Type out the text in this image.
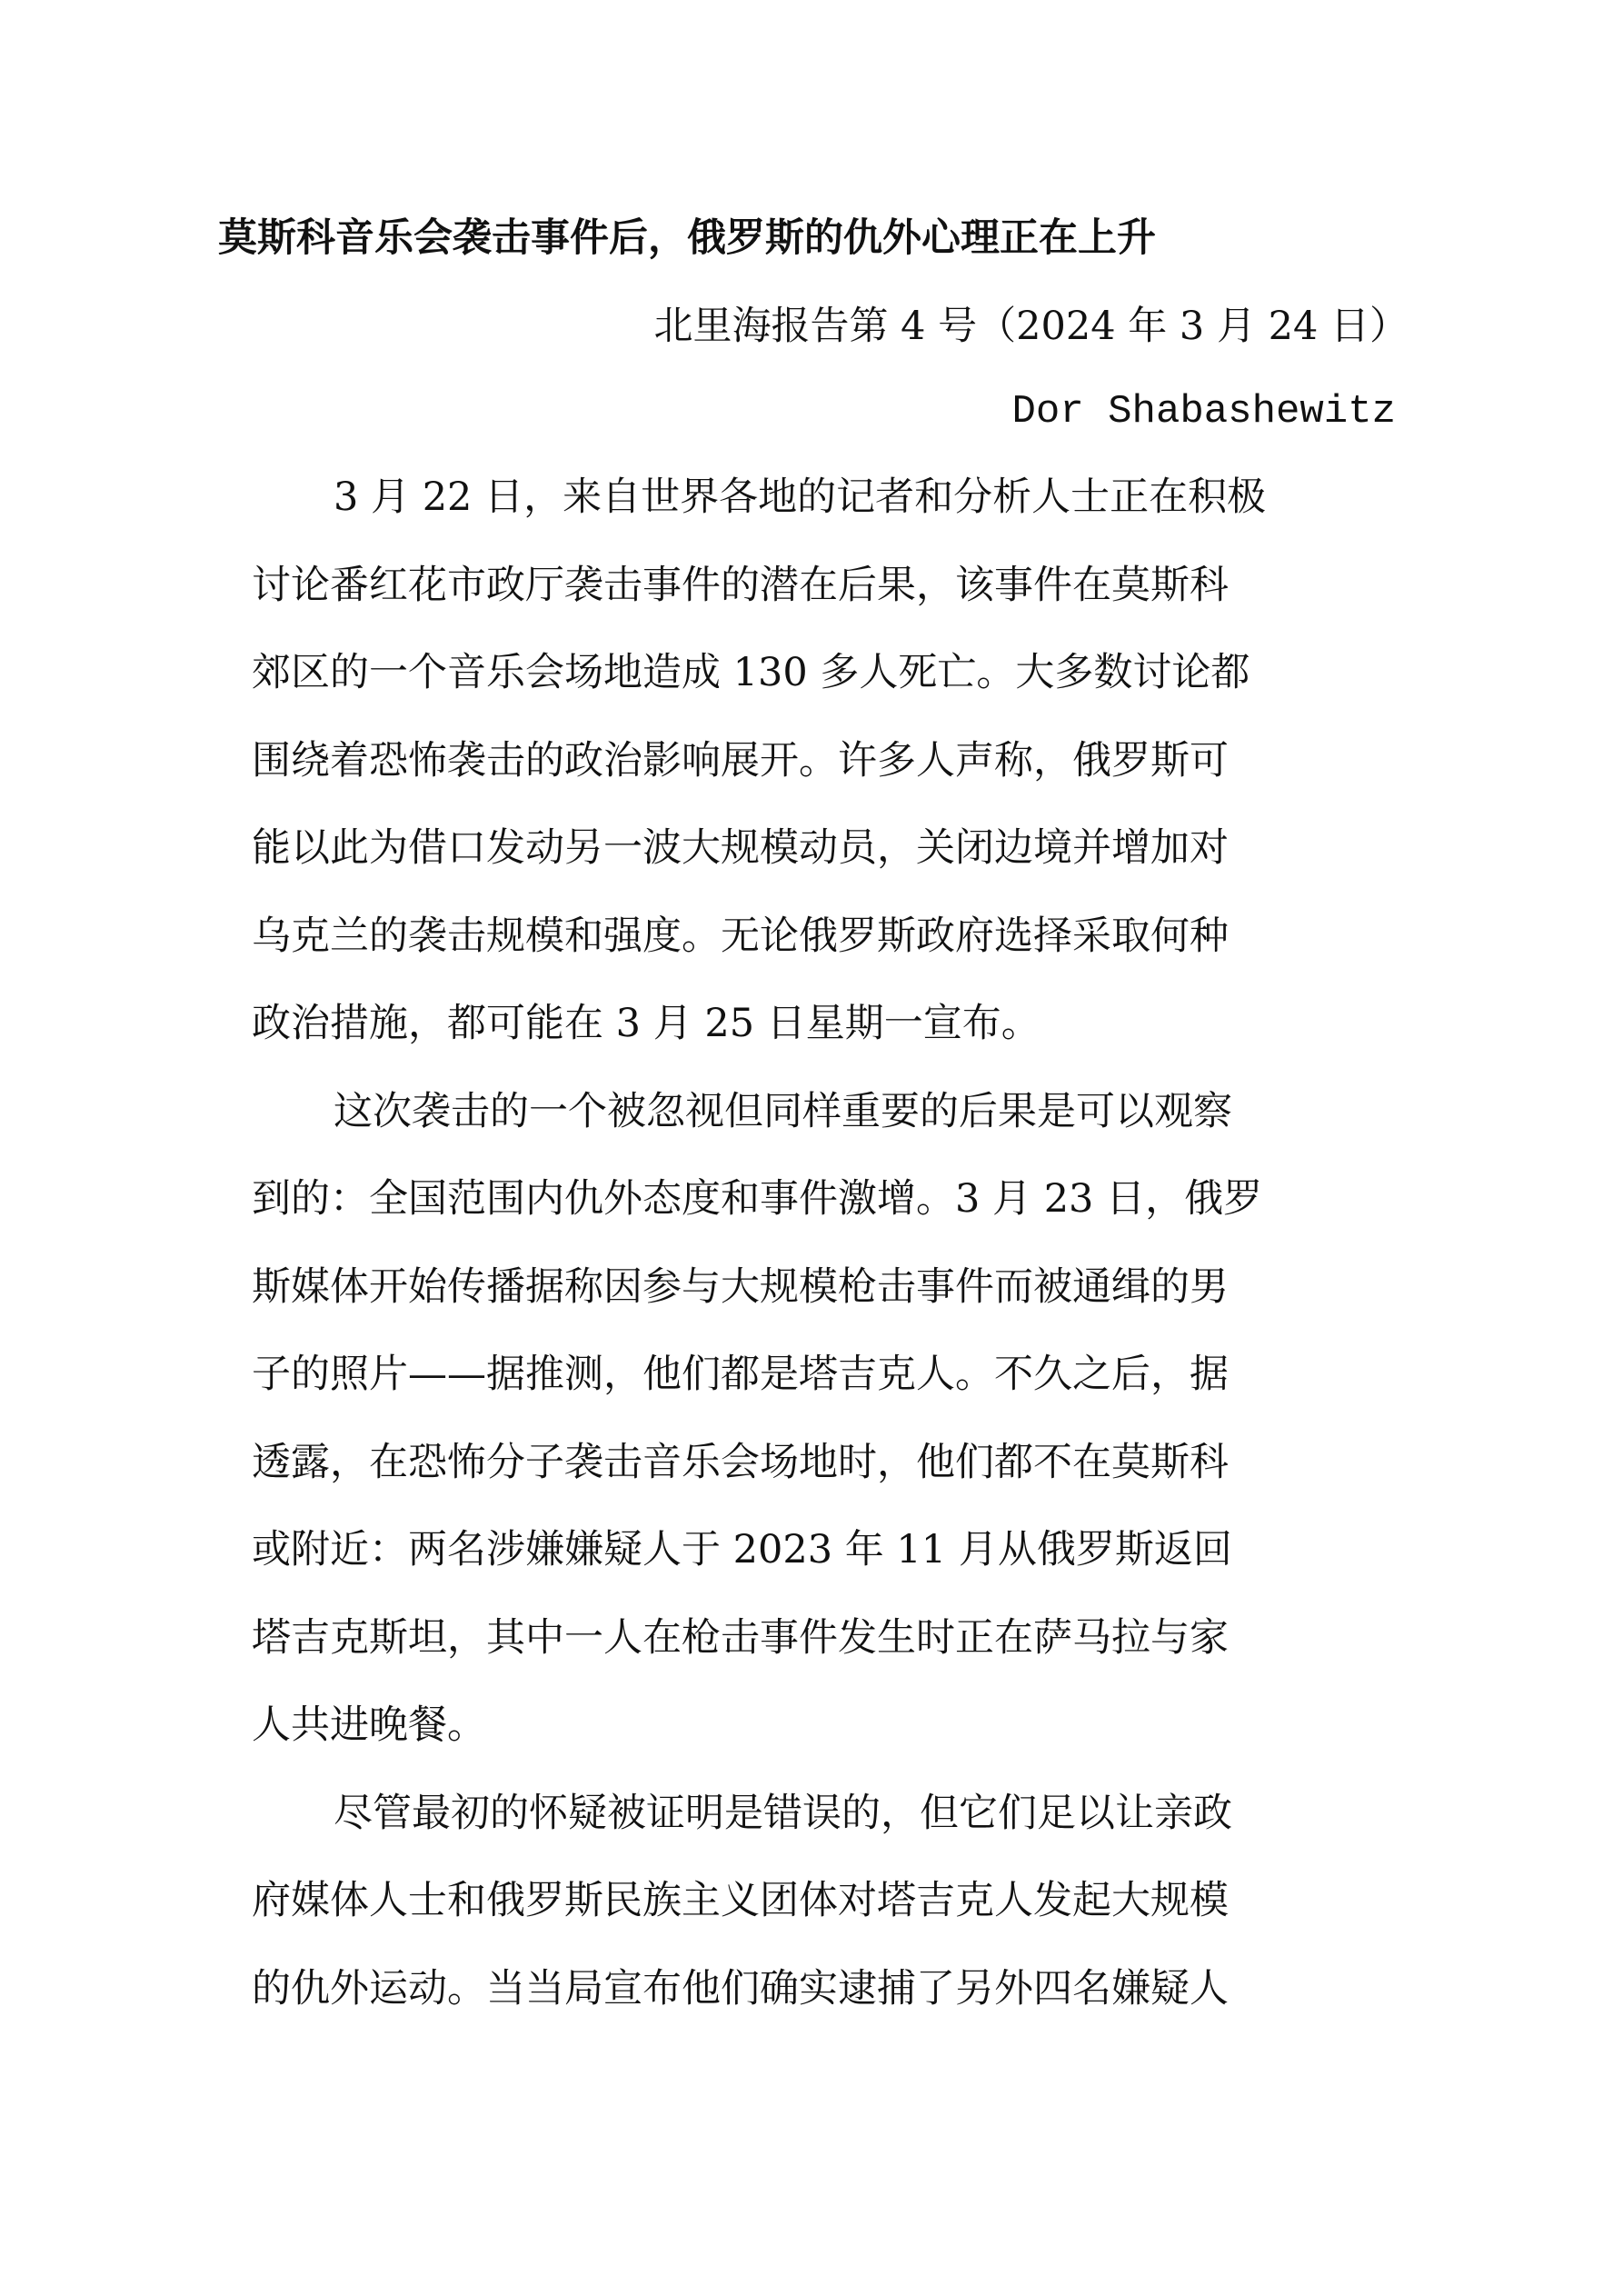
莫斯科音乐会袭击事件后，俄罗斯的仇外心理正在上升

北里海报告第 4 号（2024 年 3 月 24 日）

Dor Shabashewitz

3 月 22 日，来自世界各地的记者和分析人士正在积极

讨论番红花市政厅袭击事件的潜在后果，该事件在莫斯科

郊区的一个音乐会场地造成 130 多人死亡。大多数讨论都

围绕着恐怖袭击的政治影响展开。许多人声称，俄罗斯可

能以此为借口发动另一波大规模动员，关闭边境并增加对

乌克兰的袭击规模和强度。无论俄罗斯政府选择采取何种

政治措施，都可能在 3 月 25 日星期一宣布。

这次袭击的一个被忽视但同样重要的后果是可以观察

到的：全国范围内仇外态度和事件激增。3 月 23 日，俄罗

斯媒体开始传播据称因参与大规模枪击事件而被通缉的男

子的照片——据推测，他们都是塔吉克人。不久之后，据

透露，在恐怖分子袭击音乐会场地时，他们都不在莫斯科

或附近：两名涉嫌嫌疑人于 2023 年 11 月从俄罗斯返回

塔吉克斯坦，其中一人在枪击事件发生时正在萨马拉与家

人共进晚餐。

尽管最初的怀疑被证明是错误的，但它们足以让亲政

府媒体人士和俄罗斯民族主义团体对塔吉克人发起大规模

的仇外运动。当当局宣布他们确实逮捕了另外四名嫌疑人
